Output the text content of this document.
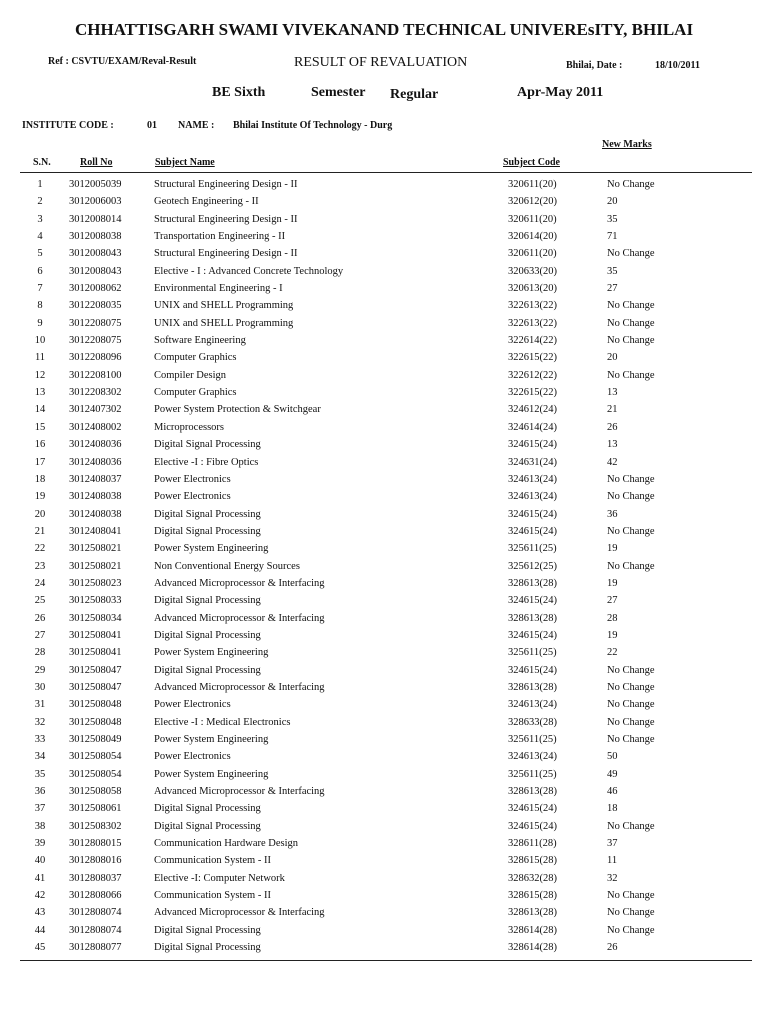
CHHATTISGARH SWAMI VIVEKANAND TECHNICAL UNIVEREsITY, BHILAI
Ref : CSVTU/EXAM/Reval-Result	RESULT OF REVALUATION	Bhilai, Date :	18/10/2011
BE Sixth	Semester Regular	Apr-May 2011
INSTITUTE CODE :	01 NAME : Bhilai Institute Of Technology - Durg
New Marks
S.N.	Roll No	Subject Name	Subject Code
1	3012005039	Structural Engineering Design - II	320611(20)	No Change
2	3012006003	Geotech Engineering - II	320612(20)	20
3	3012008014	Structural Engineering Design - II	320611(20)	35
4	3012008038	Transportation Engineering - II	320614(20)	71
5	3012008043	Structural Engineering Design - II	320611(20)	No Change
6	3012008043	Elective - I : Advanced Concrete Technology	320633(20)	35
7	3012008062	Environmental Engineering - I	320613(20)	27
8	3012208035	UNIX and SHELL Programming	322613(22)	No Change
9	3012208075	UNIX and SHELL Programming	322613(22)	No Change
10	3012208075	Software Engineering	322614(22)	No Change
11	3012208096	Computer Graphics	322615(22)	20
12	3012208100	Compiler Design	322612(22)	No Change
13	3012208302	Computer Graphics	322615(22)	13
14	3012407302	Power System Protection & Switchgear	324612(24)	21
15	3012408002	Microprocessors	324614(24)	26
16	3012408036	Digital Signal Processing	324615(24)	13
17	3012408036	Elective -I : Fibre Optics	324631(24)	42
18	3012408037	Power Electronics	324613(24)	No Change
19	3012408038	Power Electronics	324613(24)	No Change
20	3012408038	Digital Signal Processing	324615(24)	36
21	3012408041	Digital Signal Processing	324615(24)	No Change
22	3012508021	Power System Engineering	325611(25)	19
23	3012508021	Non Conventional Energy Sources	325612(25)	No Change
24	3012508023	Advanced Microprocessor & Interfacing	328613(28)	19
25	3012508033	Digital Signal Processing	324615(24)	27
26	3012508034	Advanced Microprocessor & Interfacing	328613(28)	28
27	3012508041	Digital Signal Processing	324615(24)	19
28	3012508041	Power System Engineering	325611(25)	22
29	3012508047	Digital Signal Processing	324615(24)	No Change
30	3012508047	Advanced Microprocessor & Interfacing	328613(28)	No Change
31	3012508048	Power Electronics	324613(24)	No Change
32	3012508048	Elective -I : Medical Electronics	328633(28)	No Change
33	3012508049	Power System Engineering	325611(25)	No Change
34	3012508054	Power Electronics	324613(24)	50
35	3012508054	Power System Engineering	325611(25)	49
36	3012508058	Advanced Microprocessor & Interfacing	328613(28)	46
37	3012508061	Digital Signal Processing	324615(24)	18
38	3012508302	Digital Signal Processing	324615(24)	No Change
39	3012808015	Communication Hardware Design	328611(28)	37
40	3012808016	Communication System - II	328615(28)	11
41	3012808037	Elective -I: Computer Network	328632(28)	32
42	3012808066	Communication System - II	328615(28)	No Change
43	3012808074	Advanced Microprocessor & Interfacing	328613(28)	No Change
44	3012808074	Digital Signal Processing	328614(28)	No Change
45	3012808077	Digital Signal Processing	328614(28)	26
